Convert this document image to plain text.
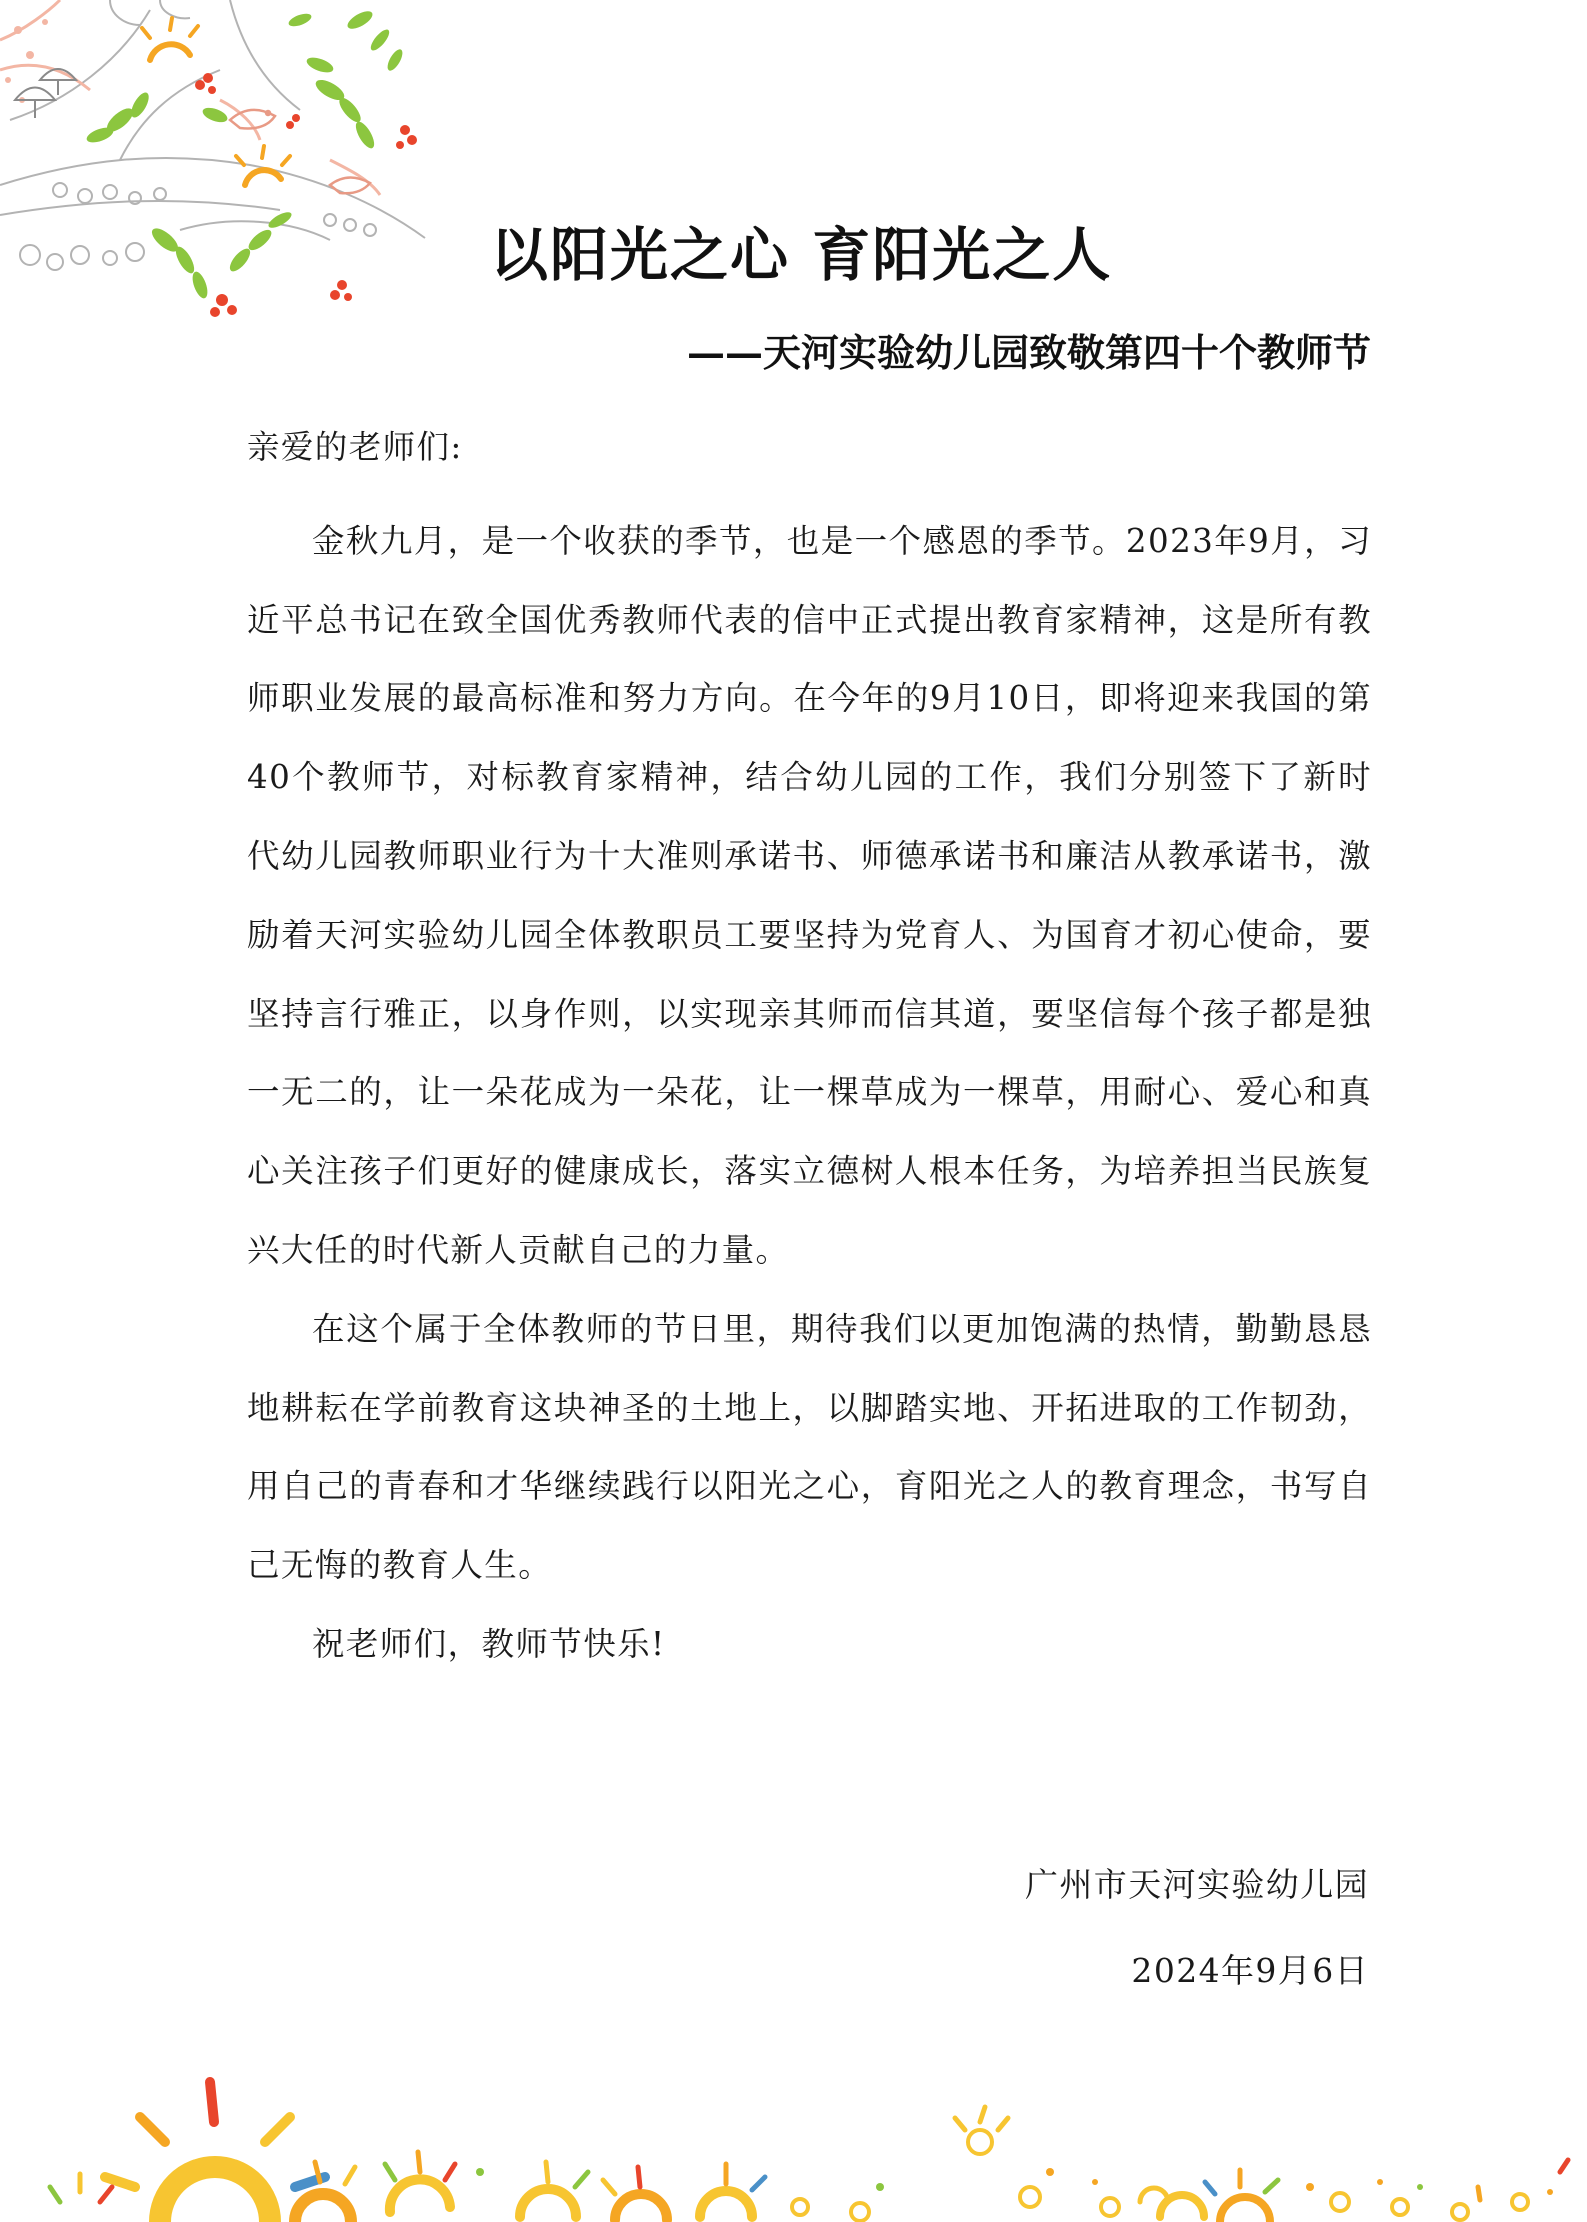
以阳光之心 育阳光之人
——天河实验幼儿园致敬第四十个教师节

亲爱的老师们:

金秋九月，是一个收获的季节，也是一个感恩的季节。2023年9月，习近平总书记在致全国优秀教师代表的信中正式提出教育家精神，这是所有教师职业发展的最高标准和努力方向。在今年的9月10日，即将迎来我国的第40个教师节，对标教育家精神，结合幼儿园的工作，我们分别签下了新时代幼儿园教师职业行为十大准则承诺书、师德承诺书和廉洁从教承诺书，激励着天河实验幼儿园全体教职员工要坚持为党育人、为国育才初心使命，要坚持言行雅正，以身作则，以实现亲其师而信其道，要坚信每个孩子都是独一无二的，让一朵花成为一朵花，让一棵草成为一棵草，用耐心、爱心和真心关注孩子们更好的健康成长，落实立德树人根本任务，为培养担当民族复兴大任的时代新人贡献自己的力量。

在这个属于全体教师的节日里，期待我们以更加饱满的热情，勤勤恳恳地耕耘在学前教育这块神圣的土地上，以脚踏实地、开拓进取的工作韧劲，用自己的青春和才华继续践行以阳光之心，育阳光之人的教育理念，书写自己无悔的教育人生。

祝老师们，教师节快乐!

广州市天河实验幼儿园
2024年9月6日
